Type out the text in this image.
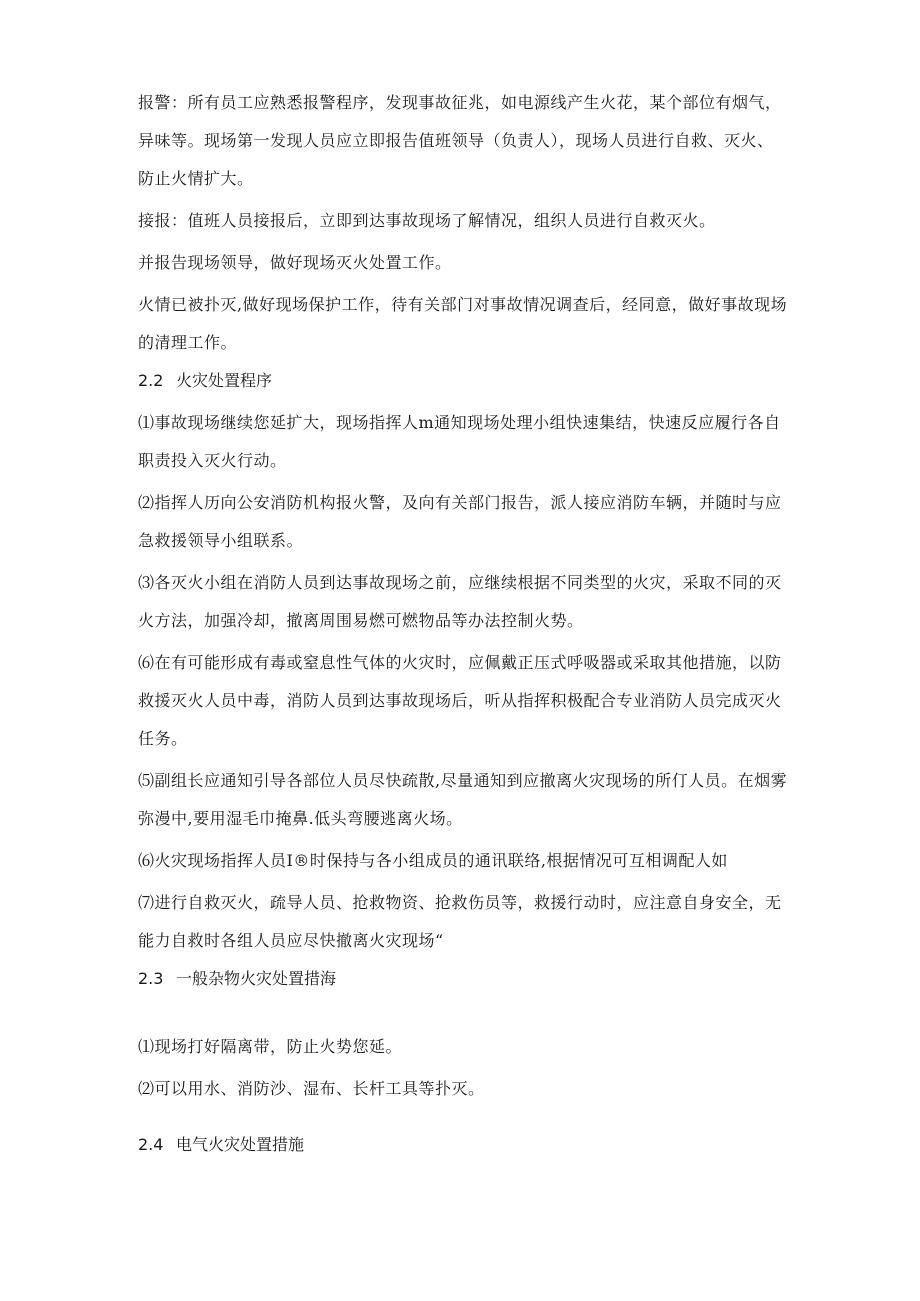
报警：所有员工应熟悉报警程序，发现事故征兆，如电源线产生火花，某个部位有烟气，异味等。现场第一发现人员应立即报告值班领导（负责人），现场人员进行自救、灭火、防止火情扩大。

接报：值班人员接报后，立即到达事故现场了解情况，组织人员进行自救灭火。

并报告现场领导，做好现场灭火处置工作。

火情已被扑灭,做好现场保护工作，待有关部门对事故情况调查后，经同意，做好事故现场的清理工作。

2.2 火灾处置程序

⑴事故现场继续您延扩大，现场指挥人m通知现场处理小组快速集结，快速反应履行各自职责投入灭火行动。

⑵指挥人历向公安消防机构报火警，及向有关部门报告，派人接应消防车辆，并随时与应急救援领导小组联系。

⑶各灭火小组在消防人员到达事故现场之前，应继续根据不同类型的火灾，采取不同的灭火方法，加强冷却，撤离周围易燃可燃物品等办法控制火势。

⑹在有可能形成有毒或窒息性气体的火灾时，应佩戴正压式呼吸器或采取其他措施，以防救援灭火人员中毒，消防人员到达事故现场后，听从指挥积极配合专业消防人员完成灭火任务。

⑸副组长应通知引导各部位人员尽快疏散,尽量通知到应撤离火灾现场的所仃人员。在烟雾弥漫中,要用湿毛巾掩鼻.低头弯腰逃离火场。

⑹火灾现场指挥人员I®时保持与各小组成员的通讯联络,根据情况可互相调配人如

⑺进行自救灭火，疏导人员、抢救物资、抢救伤员等，救援行动时，应注意自身安全，无能力自救时各组人员应尽快撤离火灾现场“

2.3 一般杂物火灾处置措海

⑴现场打好隔离带，防止火势您延。

⑵可以用水、消防沙、湿布、长杆工具等扑灭。

2.4 电气火灾处置措施
